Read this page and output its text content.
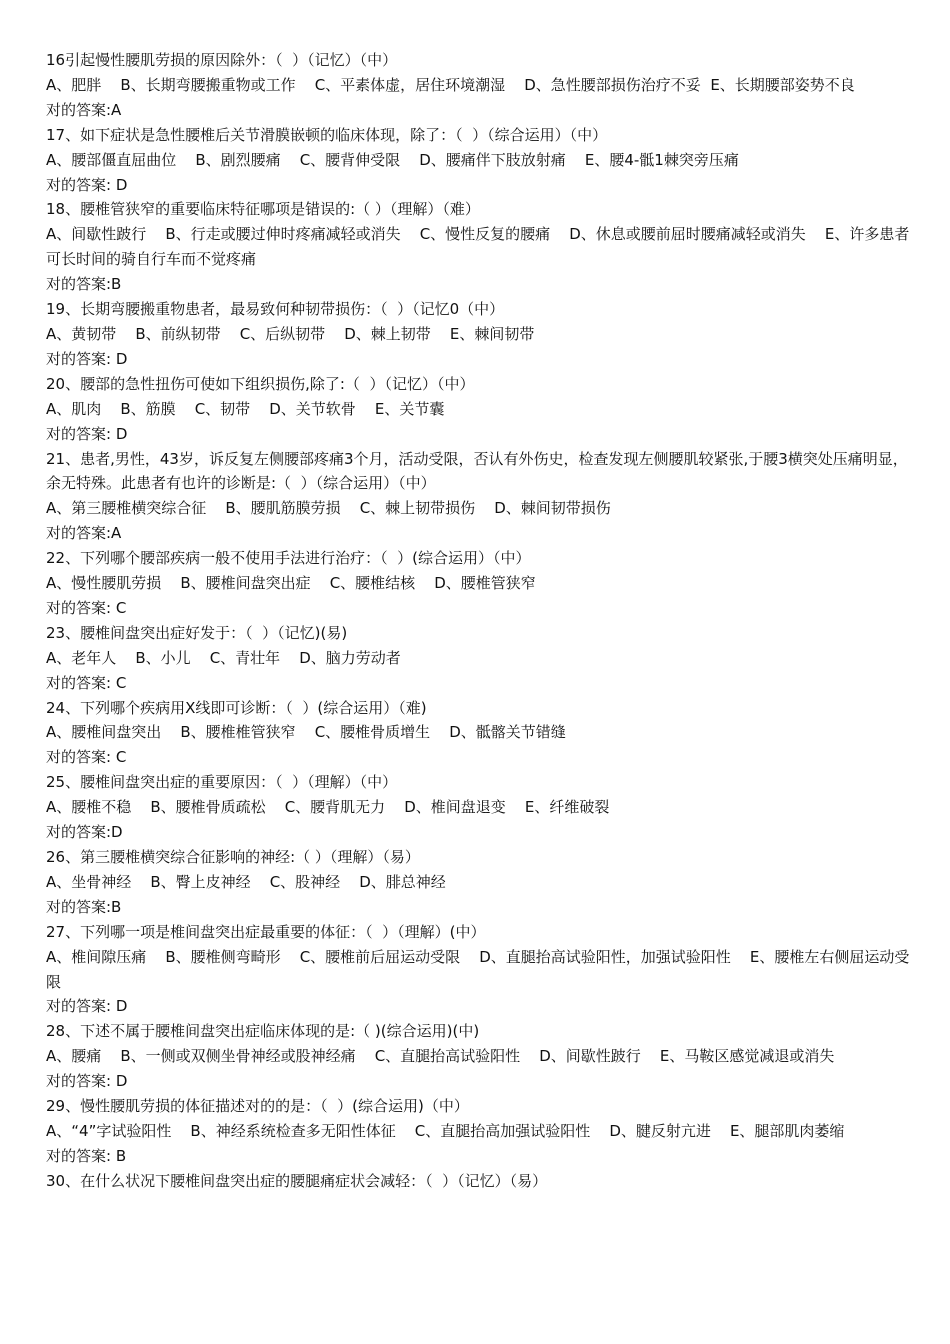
16引起慢性腰肌劳损的原因除外：（  ）（记忆）（中）
A、肥胖    B、长期弯腰搬重物或工作    C、平素体虚，居住环境潮湿    D、急性腰部损伤治疗不妥  E、长期腰部姿势不良
对的答案:A
17、如下症状是急性腰椎后关节滑膜嵌顿的临床体现，除了：（  ）（综合运用）（中）
A、腰部僵直屈曲位    B、剧烈腰痛    C、腰背伸受限    D、腰痛伴下肢放射痛    E、腰4-骶1棘突旁压痛
对的答案: D
18、腰椎管狭窄的重要临床特征哪项是错误的:（ ）（理解）（难）
A、间歇性跛行    B、行走或腰过伸时疼痛减轻或消失    C、慢性反复的腰痛    D、休息或腰前屈时腰痛减轻或消失    E、许多患者可长时间的骑自行车而不觉疼痛
对的答案:B
19、长期弯腰搬重物患者，最易致何种韧带损伤：（  ）（记忆0（中）
A、黄韧带    B、前纵韧带    C、后纵韧带    D、棘上韧带    E、棘间韧带
对的答案: D
20、腰部的急性扭伤可使如下组织损伤,除了:（  ）（记忆）（中）
A、肌肉    B、筋膜    C、韧带    D、关节软骨    E、关节囊
对的答案: D
21、患者,男性，43岁，诉反复左侧腰部疼痛3个月，活动受限，否认有外伤史，检查发现左侧腰肌较紧张,于腰3横突处压痛明显，余无特殊。此患者有也许的诊断是:（  ）（综合运用）（中）
A、第三腰椎横突综合征    B、腰肌筋膜劳损    C、棘上韧带损伤    D、棘间韧带损伤
对的答案:A
22、下列哪个腰部疾病一般不使用手法进行治疗：（  ）(综合运用）（中）
A、慢性腰肌劳损    B、腰椎间盘突出症    C、腰椎结核    D、腰椎管狭窄
对的答案: C
23、腰椎间盘突出症好发于：（  ）（记忆)(易)
A、老年人    B、小儿    C、青壮年    D、脑力劳动者
对的答案: C
24、下列哪个疾病用X线即可诊断：（  ）(综合运用）（难)
A、腰椎间盘突出    B、腰椎椎管狭窄    C、腰椎骨质增生    D、骶髂关节错缝
对的答案: C
25、腰椎间盘突出症的重要原因：（  ）（理解）（中）
A、腰椎不稳    B、腰椎骨质疏松    C、腰背肌无力    D、椎间盘退变    E、纤维破裂
对的答案:D
26、第三腰椎横突综合征影响的神经:（ ）（理解）（易）
A、坐骨神经    B、臀上皮神经    C、股神经    D、腓总神经
对的答案:B
27、下列哪一项是椎间盘突出症最重要的体征：（  ）（理解）(中）
A、椎间隙压痛    B、腰椎侧弯畸形    C、腰椎前后屈运动受限    D、直腿抬高试验阳性，加强试验阳性    E、腰椎左右侧屈运动受限
对的答案: D
28、下述不属于腰椎间盘突出症临床体现的是:（ )(综合运用)(中)
A、腰痛    B、一侧或双侧坐骨神经或股神经痛    C、直腿抬高试验阳性    D、间歇性跛行    E、马鞍区感觉减退或消失
对的答案: D
29、慢性腰肌劳损的体征描述对的的是：（  ）(综合运用)（中）
A、“4”字试验阳性    B、神经系统检查多无阳性体征    C、直腿抬高加强试验阳性    D、腱反射亢进    E、腿部肌肉萎缩
对的答案: B
30、在什么状况下腰椎间盘突出症的腰腿痛症状会减轻：（  ）（记忆）（易）
